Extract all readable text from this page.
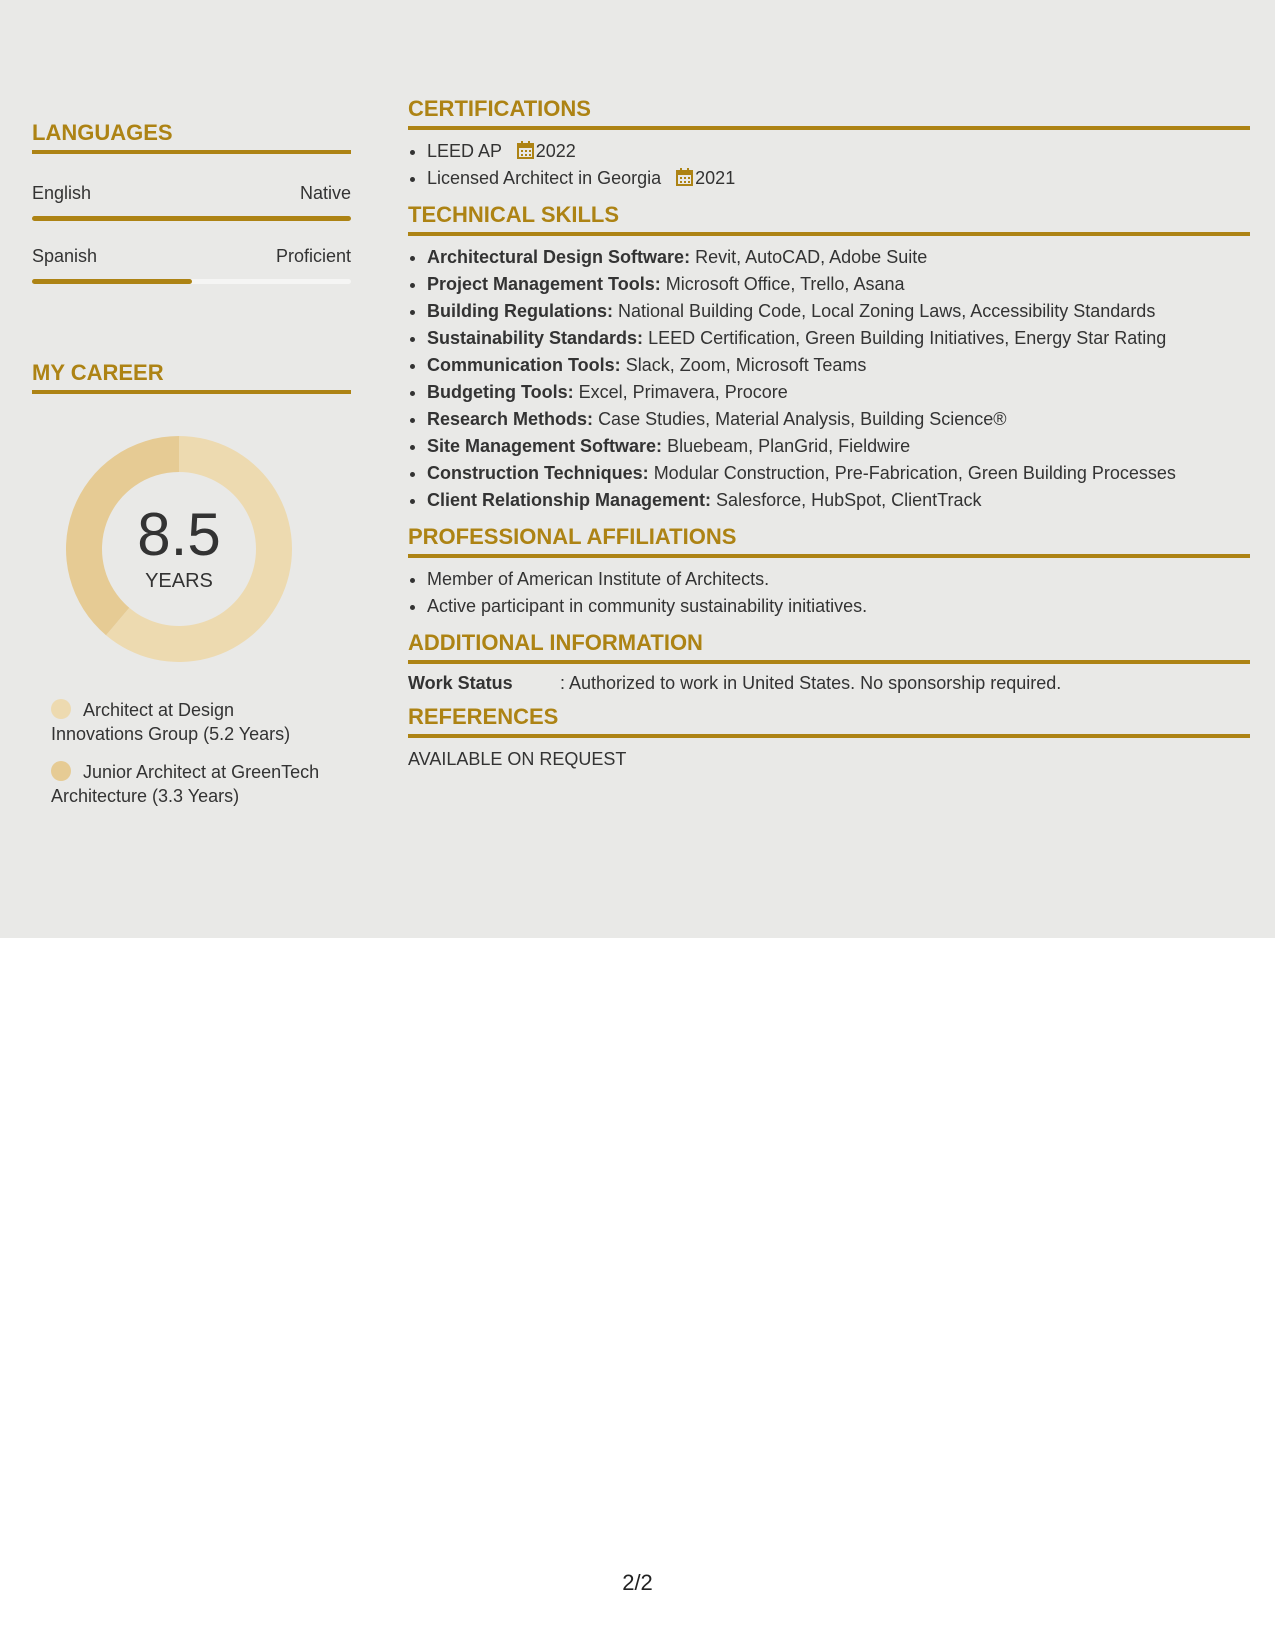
LANGUAGES
English	Native
Spanish	Proficient
MY CAREER
8.5
YEARS
Architect at Design Innovations Group (5.2 Years)
Junior Architect at GreenTech Architecture (3.3 Years)
CERTIFICATIONS
• LEED AP 2022
• Licensed Architect in Georgia 2021
TECHNICAL SKILLS
• Architectural Design Software: Revit, AutoCAD, Adobe Suite
• Project Management Tools: Microsoft Office, Trello, Asana
• Building Regulations: National Building Code, Local Zoning Laws, Accessibility Standards
• Sustainability Standards: LEED Certification, Green Building Initiatives, Energy Star Rating
• Communication Tools: Slack, Zoom, Microsoft Teams
• Budgeting Tools: Excel, Primavera, Procore
• Research Methods: Case Studies, Material Analysis, Building Science®
• Site Management Software: Bluebeam, PlanGrid, Fieldwire
• Construction Techniques: Modular Construction, Pre-Fabrication, Green Building Processes
• Client Relationship Management: Salesforce, HubSpot, ClientTrack
PROFESSIONAL AFFILIATIONS
• Member of American Institute of Architects.
• Active participant in community sustainability initiatives.
ADDITIONAL INFORMATION
Work Status	: Authorized to work in United States. No sponsorship required.
REFERENCES
AVAILABLE ON REQUEST
2/2
